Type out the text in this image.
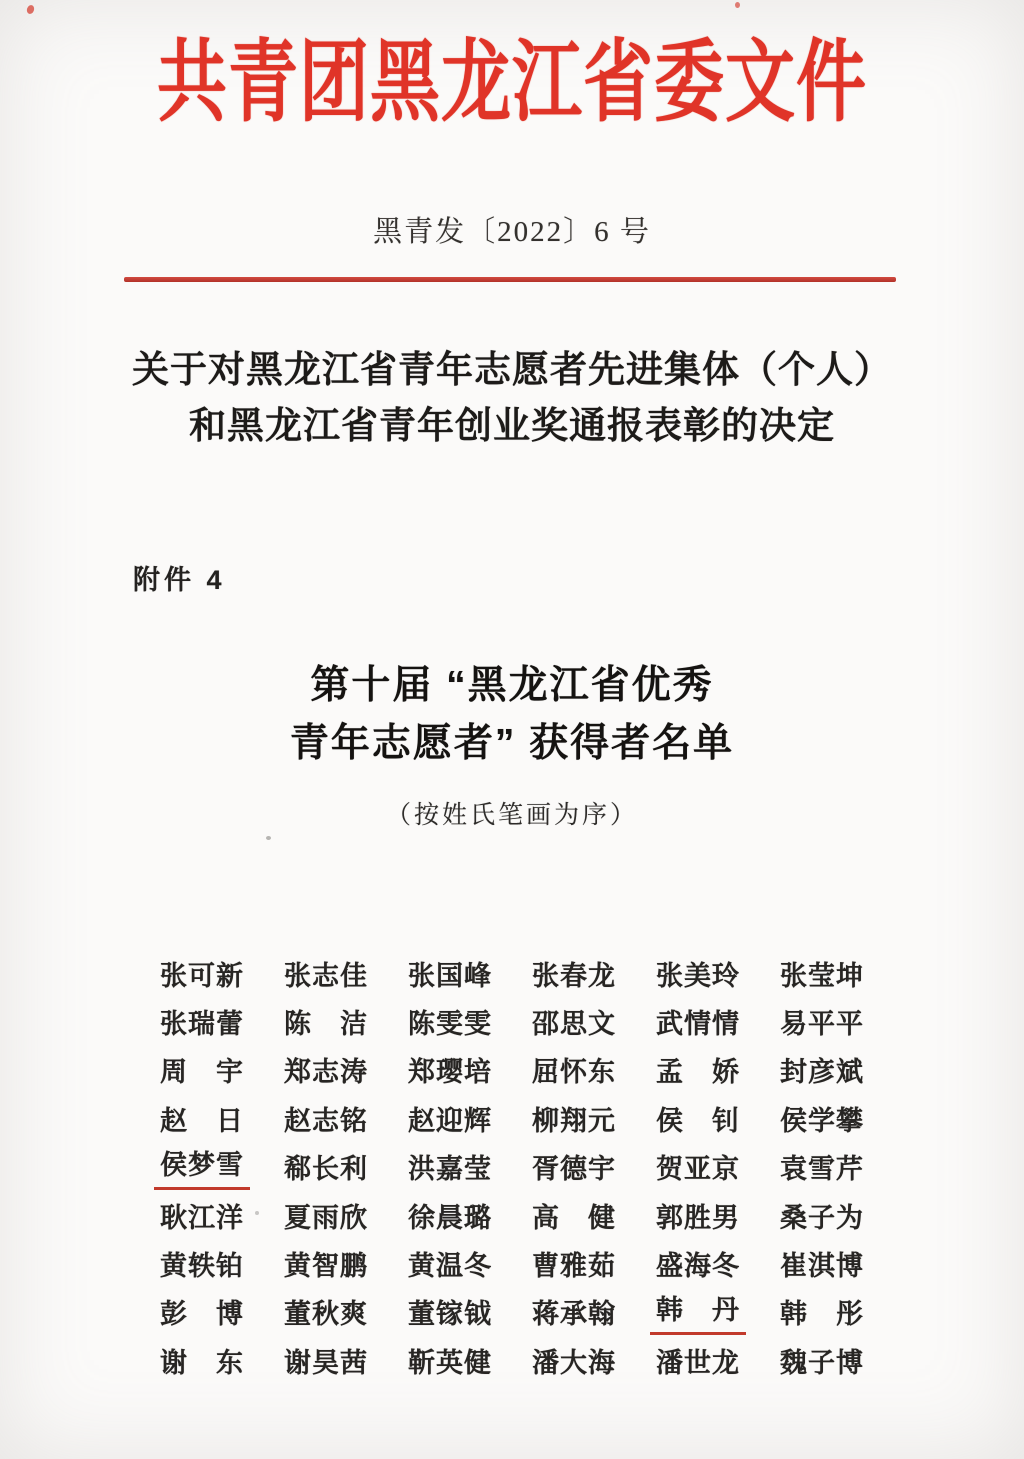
共青团黑龙江省委文件
黑青发〔2022〕6 号
关于对黑龙江省青年志愿者先进集体（个人）
和黑龙江省青年创业奖通报表彰的决定
附件 4
第十届 “黑龙江省优秀
青年志愿者” 获得者名单
（按姓氏笔画为序）
张可新 张志佳 张国峰 张春龙 张美玲 张莹坤
张瑞蕾 陈　洁 陈雯雯 邵思文 武情情 易平平
周　宇 郑志涛 郑璎培 屈怀东 孟　娇 封彦斌
赵　日 赵志铭 赵迎辉 柳翔元 侯　钊 侯学攀
侯梦雪 郗长利 洪嘉莹 胥德宇 贺亚京 袁雪芹
耿江洋 夏雨欣 徐晨璐 高　健 郭胜男 桑子为
黄轶铂 黄智鹏 黄温冬 曹雅茹 盛海冬 崔淇博
彭　博 董秋爽 董镓钺 蒋承翰 韩　丹 韩　彤
谢　东 谢昊茜 靳英健 潘大海 潘世龙 魏子博
